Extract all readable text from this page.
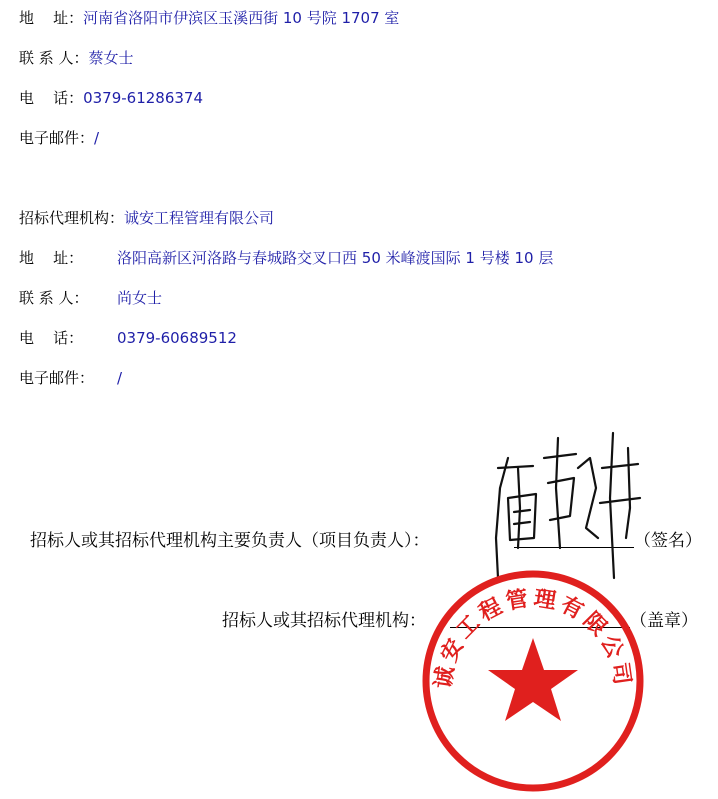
地    址： 河南省洛阳市伊滨区玉溪西街 10 号院 1707 室
联 系 人： 蔡女士
电    话： 0379-61286374
电子邮件： /
招标代理机构： 诚安工程管理有限公司
地    址：	洛阳高新区河洛路与春城路交叉口西 50 米峰渡国际 1 号楼 10 层
联 系 人：	尚女士
电    话：	0379-60689512
电子邮件：	/
招标人或其招标代理机构主要负责人（项目负责人）：	（签名）
招标人或其招标代理机构：	（盖章）
诚安工程管理有限公司
